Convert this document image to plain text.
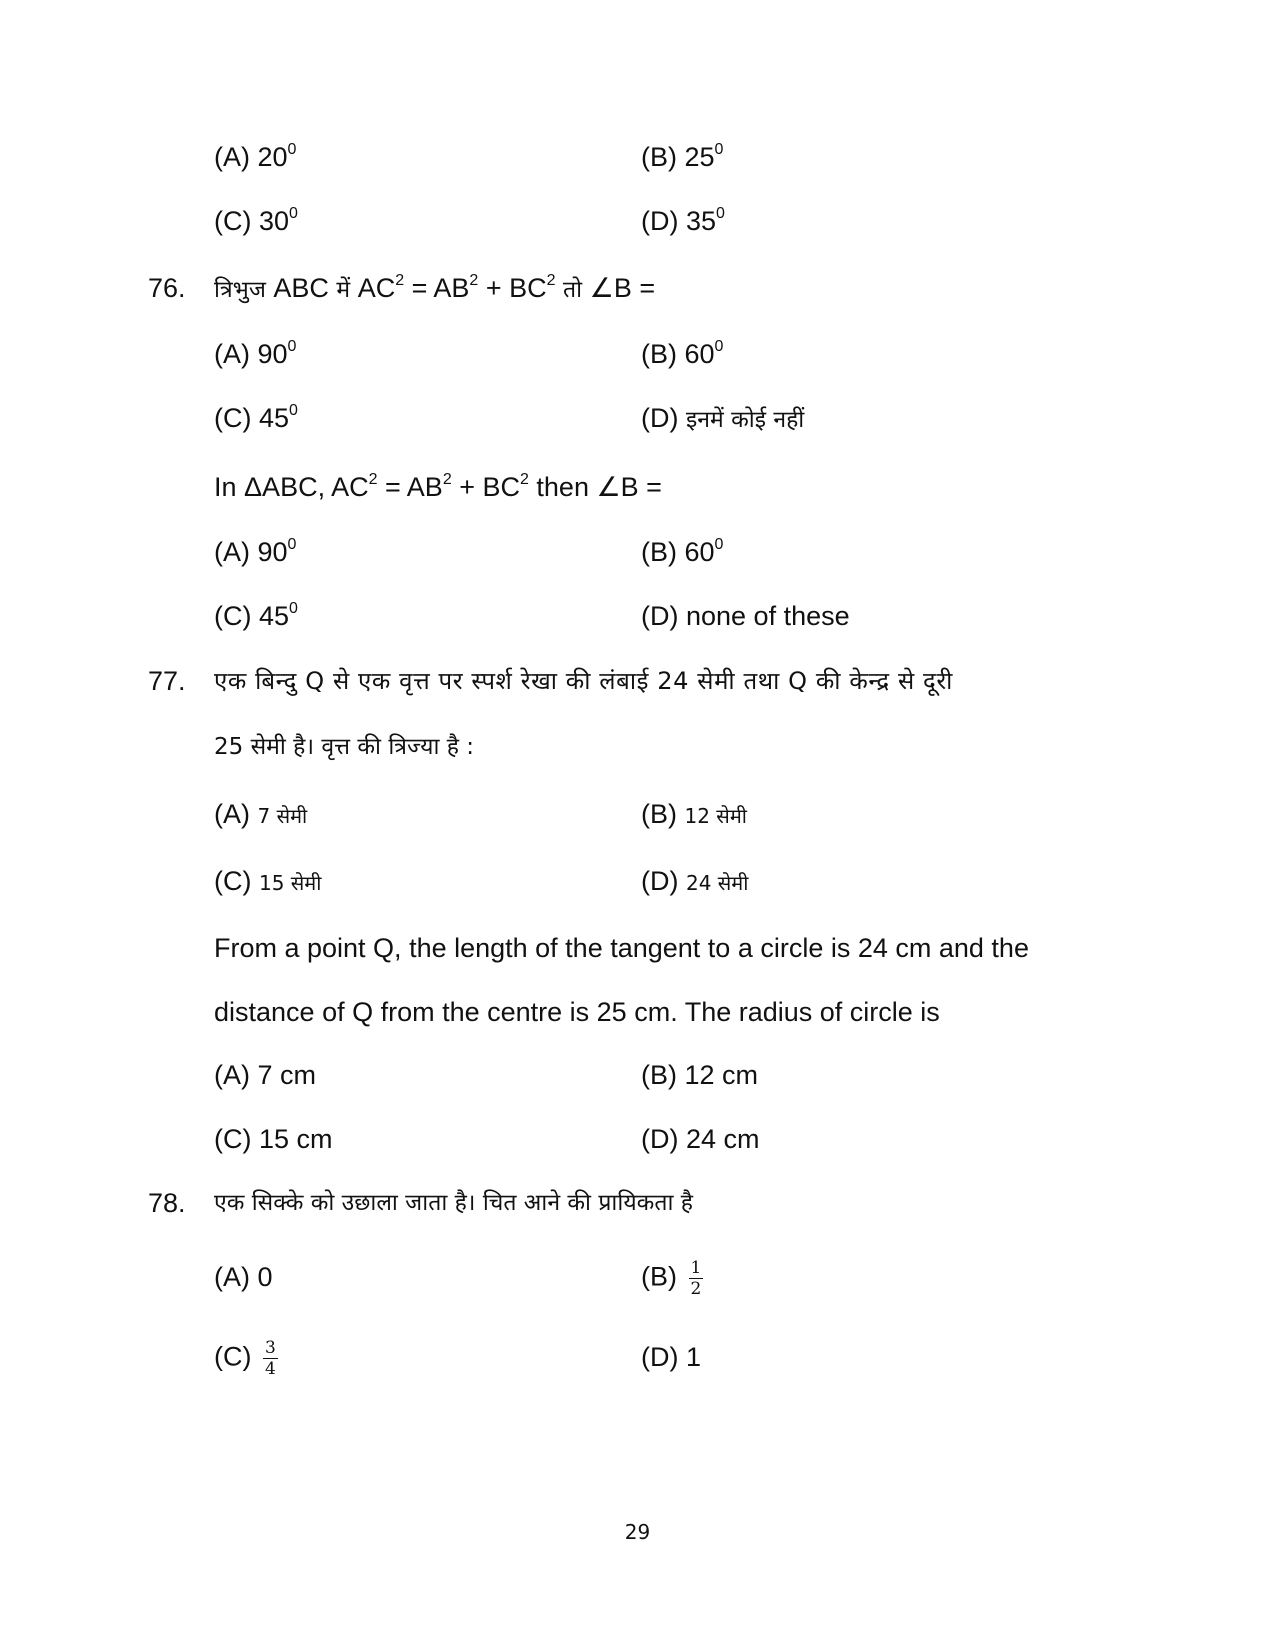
(A) $20^0$	(B) $25^0$
(C) $30^0$	(D) $35^0$
76. त्रिभुज ABC में $AC^2 = AB^2 + BC^2$ तो ∠B =
(A) $90^0$	(B) $60^0$
(C) $45^0$	(D) इनमें कोई नहीं
In ΔABC, $AC^2 = AB^2 + BC^2$ then ∠B =
(A) $90^0$	(B) $60^0$
(C) $45^0$	(D) none of these
77. एक बिन्दु Q से एक वृत्त पर स्पर्श रेखा की लंबाई 24 सेमी तथा Q की केन्द्र से दूरी
25 सेमी है। वृत्त की त्रिज्या है :
(A) 7 सेमी	(B) 12 सेमी
(C) 15 सेमी	(D) 24 सेमी
From a point Q, the length of the tangent to a circle is 24 cm and the
distance of Q from the centre is 25 cm. The radius of circle is
(A) 7 cm	(B) 12 cm
(C) 15 cm	(D) 24 cm
78. एक सिक्के को उछाला जाता है। चित आने की प्रायिकता है
(A) 0	$(B) \frac{1}{2}$
$(C) \frac{3}{4}$	(D) 1
29
